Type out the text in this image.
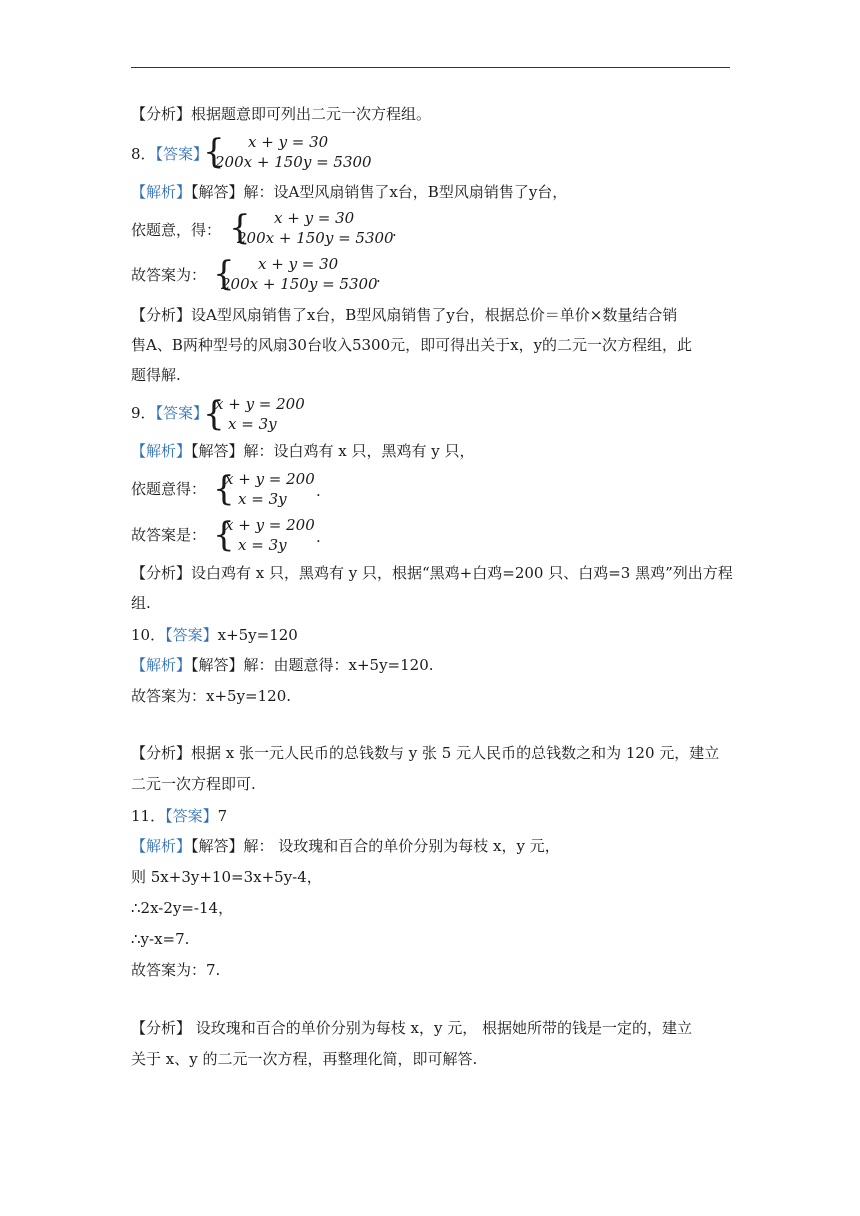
【分析】根据题意即可列出二元一次方程组。
8．【答案】
{ x + y = 30
200x + 150y = 5300
【解析】【解答】解：设A型风扇销售了x台，B型风扇销售了y台，
依题意，得： { x + y = 30
200x + 150y = 5300
.
故答案为： { x + y = 30
200x + 150y = 5300
.
【分析】设A型风扇销售了x台，B型风扇销售了y台，根据总价＝单价×数量结合销
售A、B两种型号的风扇30台收入5300元，即可得出关于x，y的二元一次方程组，此
题得解.
9．【答案】
{
x + y = 200
x = 3y
【解析】【解答】解：设白鸡有 x 只，黑鸡有 y 只，
依题意得： {
x + y = 200
x = 3y .
故答案是： {
x + y = 200
x = 3y .
【分析】设白鸡有 x 只，黑鸡有 y 只，根据“黑鸡+白鸡=200 只、白鸡=3 黑鸡”列出方程
组.
10．【答案】x+5y=120
【解析】【解答】解：由题意得：x+5y=120.
故答案为：x+5y=120.
【分析】根据 x 张一元人民币的总钱数与 y 张 5 元人民币的总钱数之和为 120 元，建立
二元一次方程即可.
11．【答案】7
【解析】【解答】解： 设玫瑰和百合的单价分别为每枝 x，y 元，
则 5x+3y+10=3x+5y-4，
∴2x-2y=-14，
∴y-x=7.
故答案为：7.
【分析】 设玫瑰和百合的单价分别为每枝 x，y 元， 根据她所带的钱是一定的，建立
关于 x、y 的二元一次方程，再整理化简，即可解答.
